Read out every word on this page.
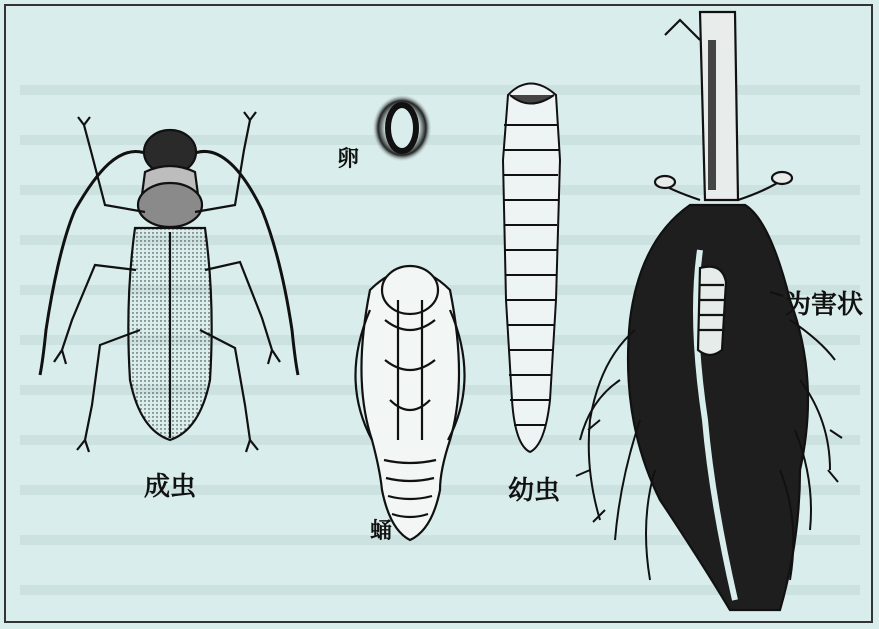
成虫
卵
蛹
幼虫
为害状
